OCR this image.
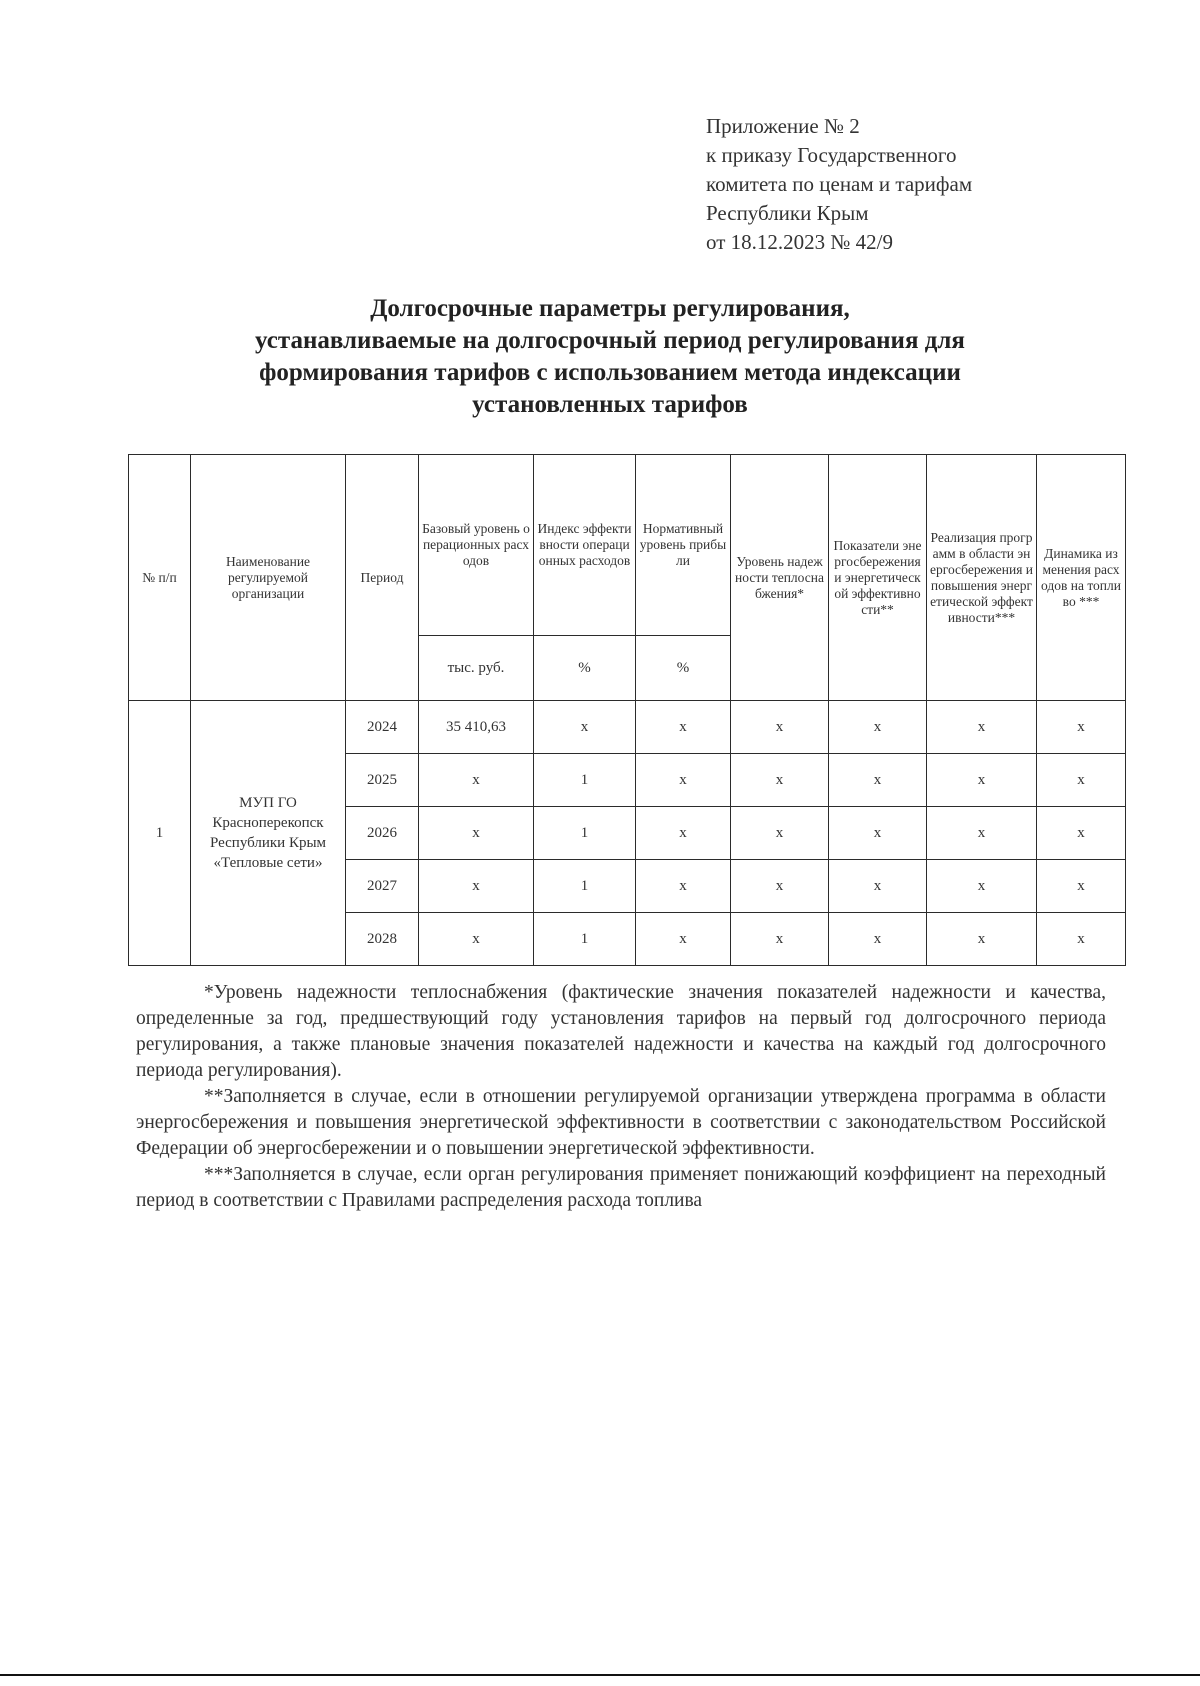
Приложение № 2
к приказу Государственного
комитета по ценам и тарифам
Республики Крым
от 18.12.2023 № 42/9
Долгосрочные параметры регулирования,
устанавливаемые на долгосрочный период регулирования для
формирования тарифов с использованием метода индексации
установленных тарифов
№ п/п	Наименование регулируемой организации	Период	Базовый уровень операционных расходов	Индекс эффективности операционных расходов	Нормативный уровень прибыли	Уровень надежности теплоснабжения*	Показатели энергосбережения и энергетической эффективности**	Реализация программ в области энергосбережения и повышения энергетической эффективности***	Динамика изменения расходов на топливо ***
			тыс. руб.	%	%				
1	МУП ГО Красноперекопск Республики Крым «Тепловые сети»	2024	35 410,63	x	x	x	x	x	x
		2025	x	1	x	x	x	x	x
		2026	x	1	x	x	x	x	x
		2027	x	1	x	x	x	x	x
		2028	x	1	x	x	x	x	x

*Уровень надежности теплоснабжения (фактические значения показателей надежности и качества, определенные за год, предшествующий году установления тарифов на первый год долгосрочного периода регулирования, а также плановые значения показателей надежности и качества на каждый год долгосрочного периода регулирования).

**Заполняется в случае, если в отношении регулируемой организации утверждена программа в области энергосбережения и повышения энергетической эффективности в соответствии с законодательством Российской Федерации об энергосбережении и о повышении энергетической эффективности.

***Заполняется в случае, если орган регулирования применяет понижающий коэффициент на переходный период в соответствии с Правилами распределения расхода топлива
